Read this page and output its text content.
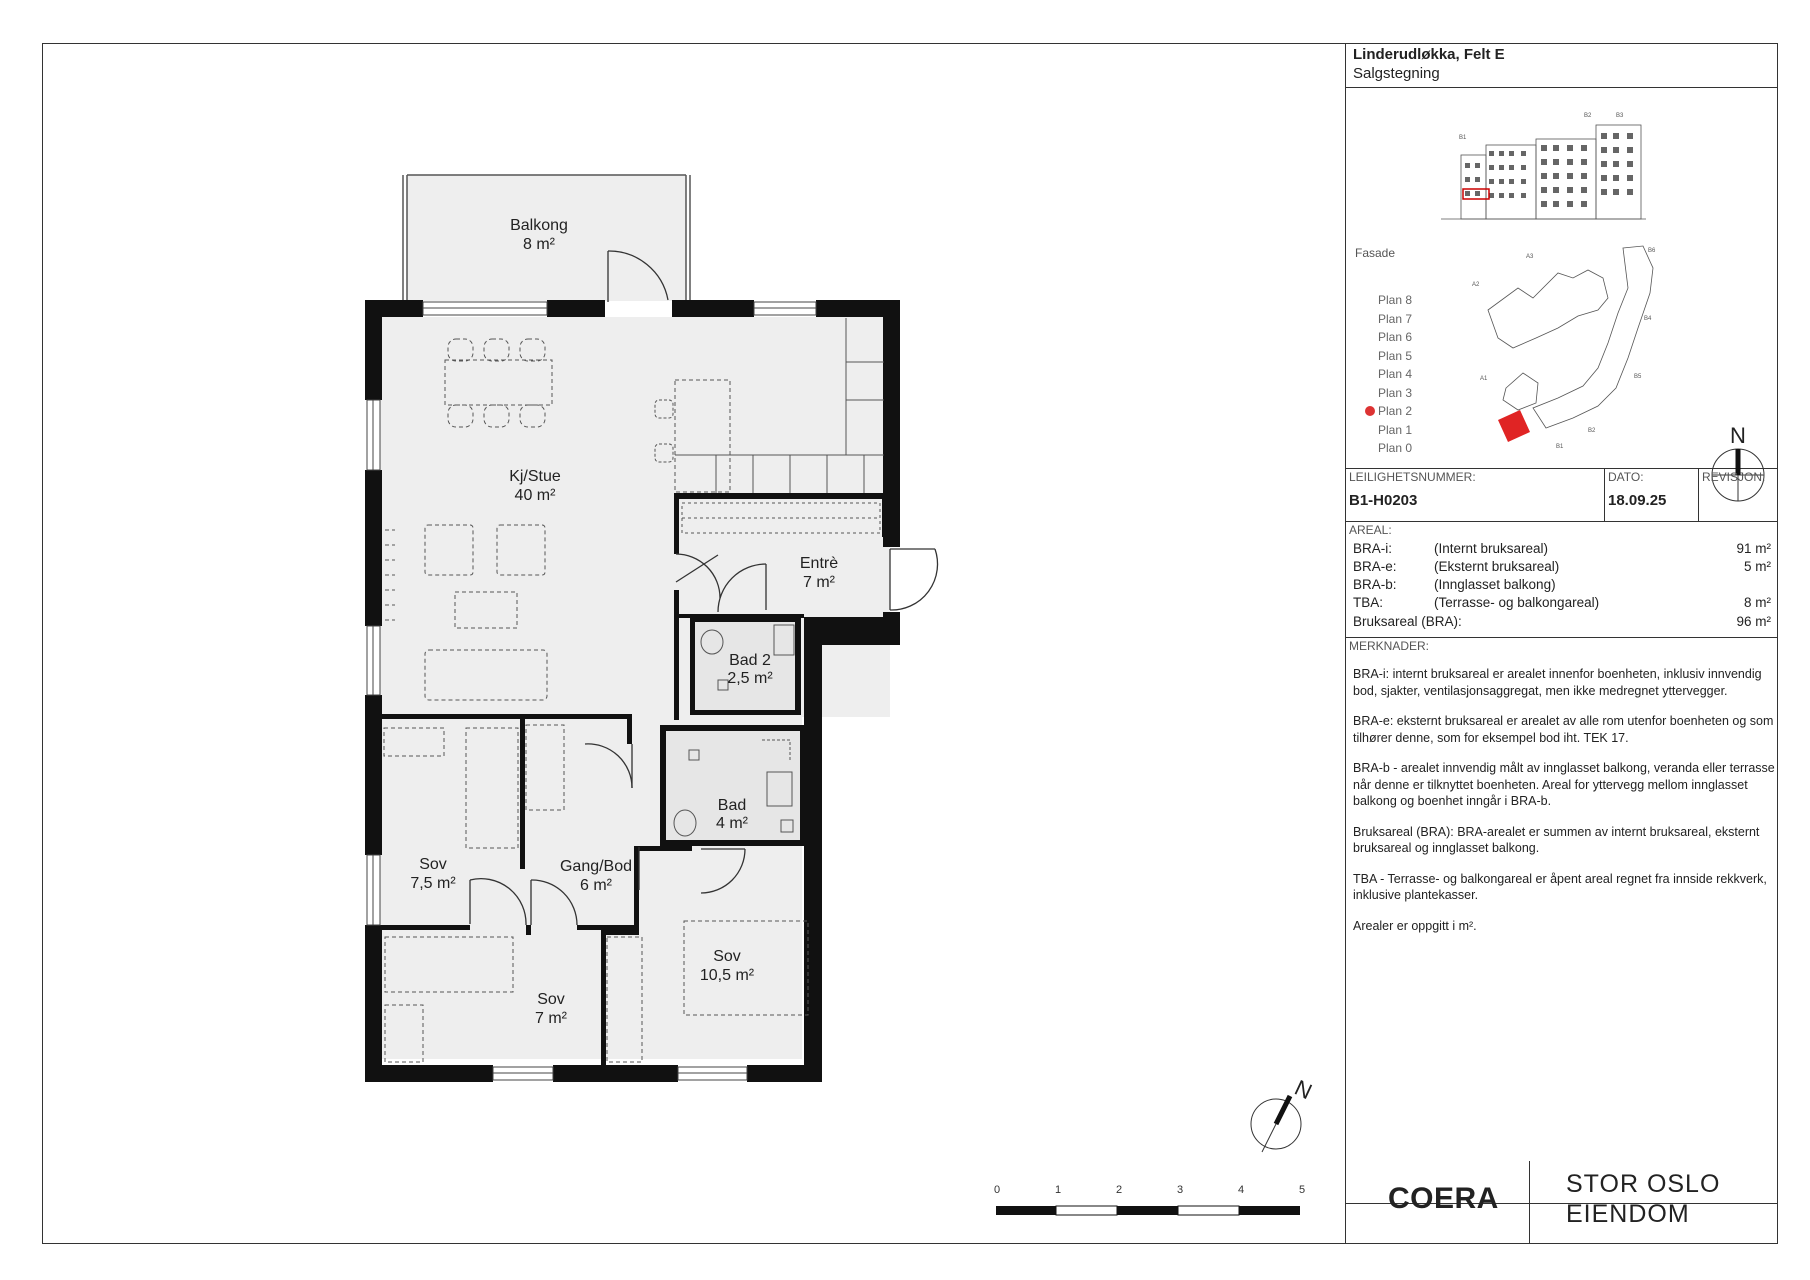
Balkong
8 m²
Kj/Stue
40 m²
Entrè
7 m²
Bad 2
2,5 m²
Bad
4 m²
Sov
7,5 m²
Gang/Bod
6 m²
Sov
7 m²
Sov
10,5 m²
N
0	1	2	3	4	5
Linderudløkka, Felt E
Salgstegning
B1
B2	B3
Fasade
Plan 8
Plan 7
Plan 6
Plan 5
Plan 4
Plan 3
Plan 2
Plan 1
Plan 0
A3
A2
A1
B6
B4
B5
B2
B1	N
LEILIGHETSNUMMER:
B1-H0203
DATO:
18.09.25
REVISJON:
AREAL:
BRA-i:	(Internt bruksareal)	91 m²
BRA-e:	(Eksternt bruksareal)	5 m²
BRA-b:	(Innglasset balkong)
TBA:	(Terrasse- og balkongareal)	8 m²
Bruksareal (BRA):	96 m²
MERKNADER:

BRA-i: internt bruksareal er arealet innenfor boenheten, inklusiv innvendig bod, sjakter, ventilasjonsaggregat, men ikke medregnet yttervegger.

BRA-e: eksternt bruksareal er arealet av alle rom utenfor boenheten og som tilhører denne, som for eksempel bod iht. TEK 17.

BRA-b - arealet innvendig målt av innglasset balkong, veranda eller terrasse når denne er tilknyttet boenheten. Areal for yttervegg mellom innglasset balkong og boenhet inngår i BRA-b.

Bruksareal (BRA): BRA-arealet er summen av internt bruksareal, eksternt bruksareal og innglasset balkong.

TBA - Terrasse- og balkongareal er åpent areal regnet fra innside rekkverk, inklusive plantekasser.

Arealer er oppgitt i m².

COERA	STOR OSLO
EIENDOM
